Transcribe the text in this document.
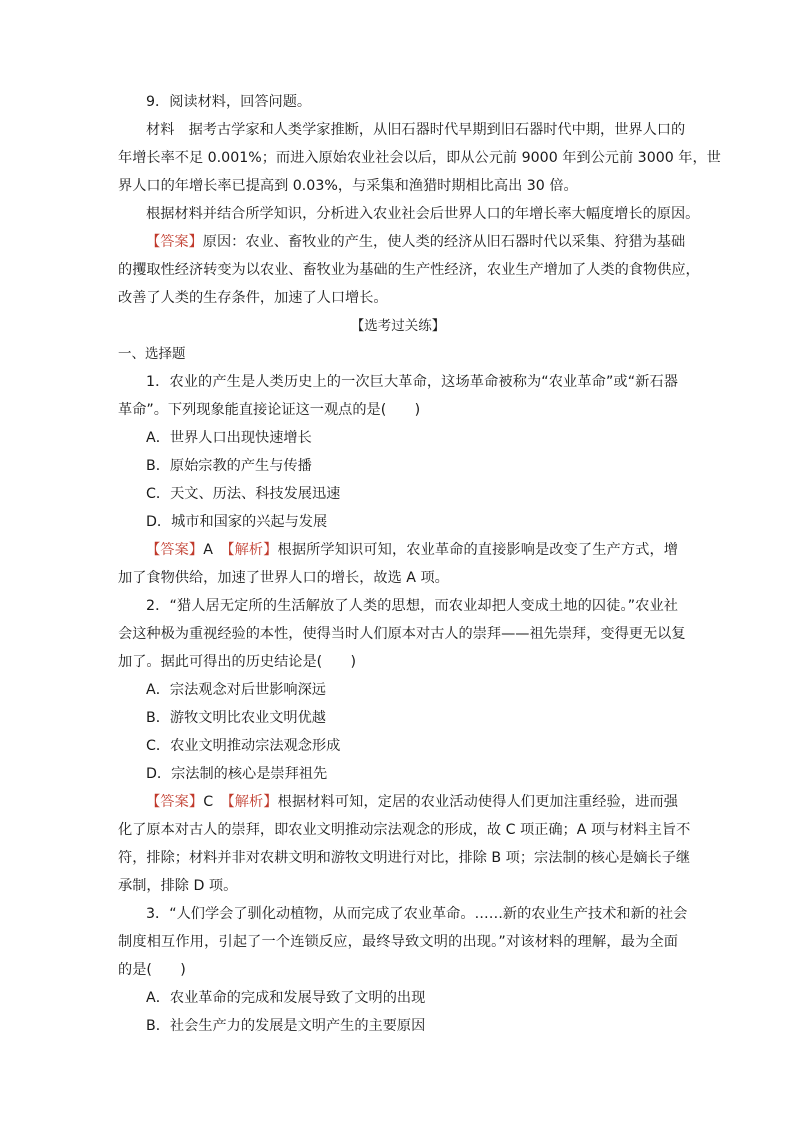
9．阅读材料，回答问题。
材料　据考古学家和人类学家推断，从旧石器时代早期到旧石器时代中期，世界人口的
年增长率不足 0.001%；而进入原始农业社会以后，即从公元前 9000 年到公元前 3000 年，世
界人口的年增长率已提高到 0.03%，与采集和渔猎时期相比高出 30 倍。
根据材料并结合所学知识，分析进入农业社会后世界人口的年增长率大幅度增长的原因。
【答案】原因：农业、畜牧业的产生，使人类的经济从旧石器时代以采集、狩猎为基础
的攫取性经济转变为以农业、畜牧业为基础的生产性经济，农业生产增加了人类的食物供应，
改善了人类的生存条件，加速了人口增长。
【选考过关练】
一、选择题
1．农业的产生是人类历史上的一次巨大革命，这场革命被称为“农业革命”或“新石器
革命”。下列现象能直接论证这一观点的是(　　)
A．世界人口出现快速增长
B．原始宗教的产生与传播
C．天文、历法、科技发展迅速
D．城市和国家的兴起与发展
【答案】A　 【解析】根据所学知识可知，农业革命的直接影响是改变了生产方式，增
加了食物供给，加速了世界人口的增长，故选 A 项。
2．“猎人居无定所的生活解放了人类的思想，而农业却把人变成土地的囚徒。”农业社
会这种极为重视经验的本性，使得当时人们原本对古人的崇拜——祖先崇拜，变得更无以复
加了。据此可得出的历史结论是(　　)
A．宗法观念对后世影响深远
B．游牧文明比农业文明优越
C．农业文明推动宗法观念形成
D．宗法制的核心是崇拜祖先
【答案】C　 【解析】根据材料可知，定居的农业活动使得人们更加注重经验，进而强
化了原本对古人的崇拜，即农业文明推动宗法观念的形成，故 C 项正确；A 项与材料主旨不
符，排除；材料并非对农耕文明和游牧文明进行对比，排除 B 项；宗法制的核心是嫡长子继
承制，排除 D 项。
3．“人们学会了驯化动植物，从而完成了农业革命。……新的农业生产技术和新的社会
制度相互作用，引起了一个连锁反应，最终导致文明的出现。”对该材料的理解，最为全面
的是(　　)
A．农业革命的完成和发展导致了文明的出现
B．社会生产力的发展是文明产生的主要原因
